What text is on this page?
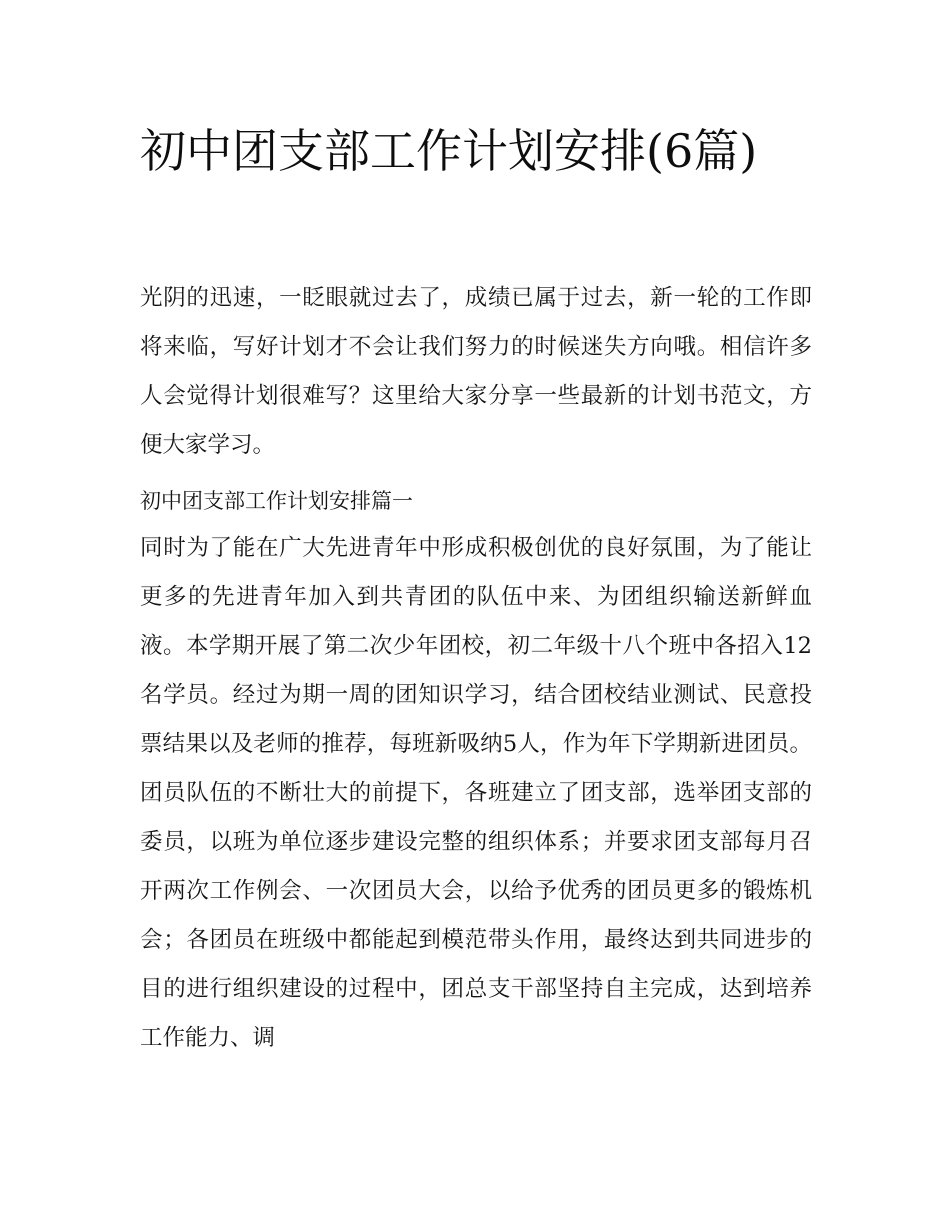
初中团支部工作计划安排(6篇)

光阴的迅速，一眨眼就过去了，成绩已属于过去，新一轮的工作即将来临，写好计划才不会让我们努力的时候迷失方向哦。相信许多人会觉得计划很难写？这里给大家分享一些最新的计划书范文，方便大家学习。

初中团支部工作计划安排篇一

同时为了能在广大先进青年中形成积极创优的良好氛围，为了能让更多的先进青年加入到共青团的队伍中来、为团组织输送新鲜血液。本学期开展了第二次少年团校，初二年级十八个班中各招入12名学员。经过为期一周的团知识学习，结合团校结业测试、民意投票结果以及老师的推荐，每班新吸纳5人，作为年下学期新进团员。团员队伍的不断壮大的前提下，各班建立了团支部，选举团支部的委员，以班为单位逐步建设完整的组织体系；并要求团支部每月召开两次工作例会、一次团员大会，以给予优秀的团员更多的锻炼机会；各团员在班级中都能起到模范带头作用，最终达到共同进步的目的进行组织建设的过程中，团总支干部坚持自主完成，达到培养工作能力、调
